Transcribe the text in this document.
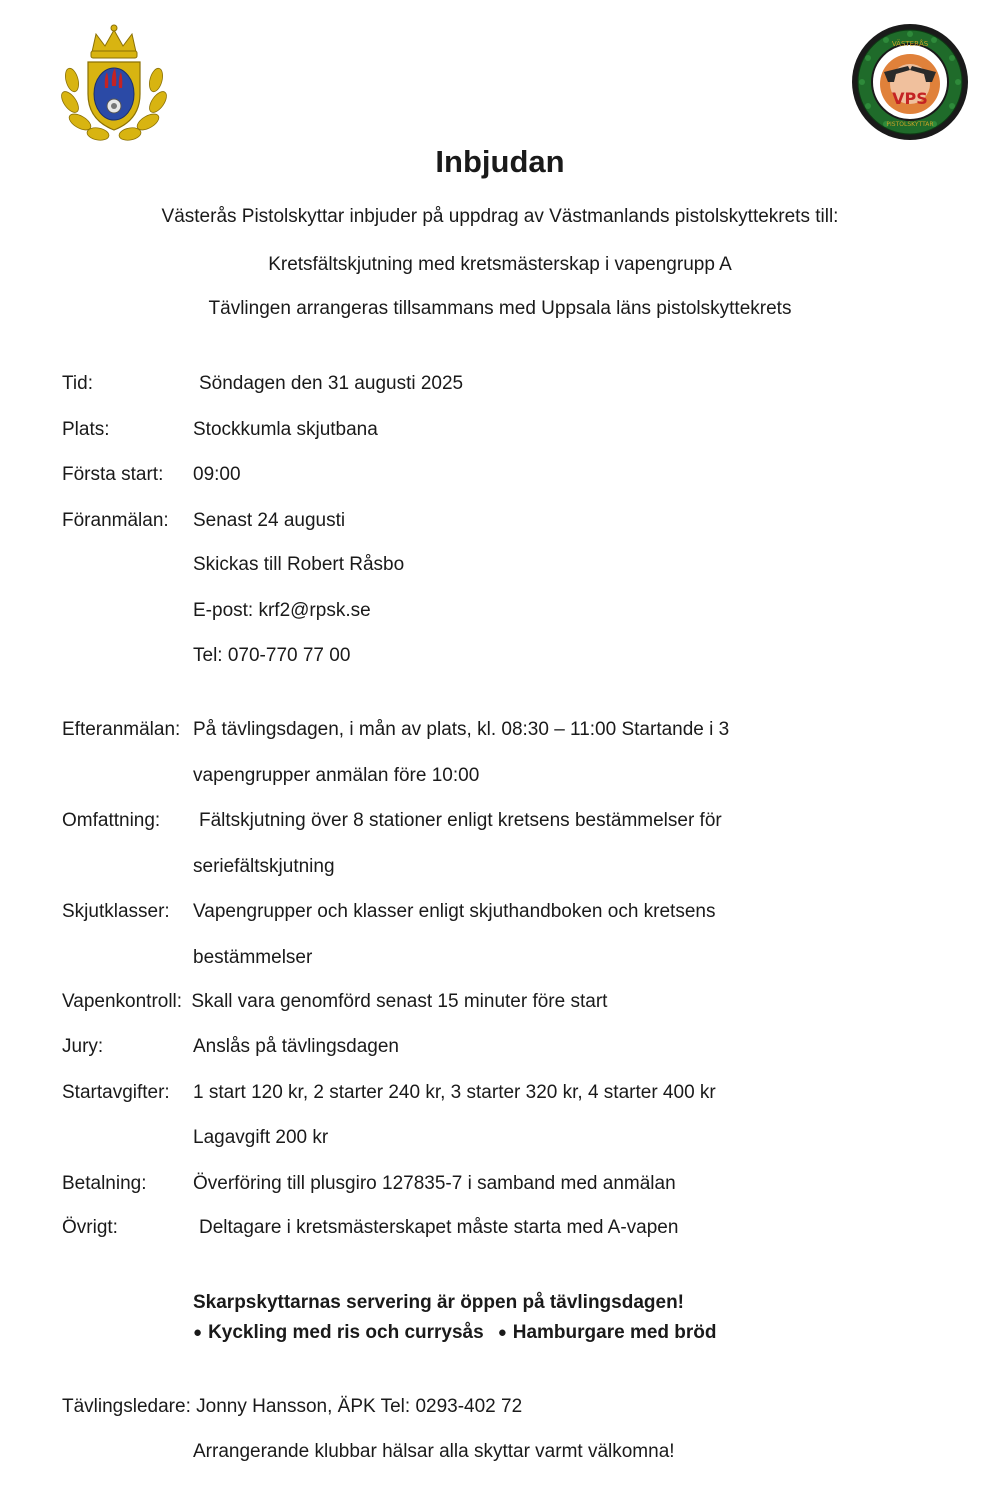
VPS
VÄSTERÅS
PISTOLSKYTTAR
Inbjudan
Västerås Pistolskyttar inbjuder på uppdrag av Västmanlands pistolskyttekrets till:
Kretsfältskjutning med kretsmästerskap i vapengrupp A
Tävlingen arrangeras tillsammans med Uppsala läns pistolskyttekrets
Tid:	Söndagen den 31 augusti 2025
Plats:	Stockkumla skjutbana
Första start: 09:00
Föranmälan: Senast 24 augusti
Skickas till Robert Råsbo
E-post: krf2@rpsk.se
Tel: 070-770 77 00
Efteranmälan: På tävlingsdagen, i mån av plats, kl. 08:30 – 11:00 Startande i 3
vapengrupper anmälan före 10:00
Omfattning: Fältskjutning över 8 stationer enligt kretsens bestämmelser för
seriefältskjutning
Skjutklasser: Vapengrupper och klasser enligt skjuthandboken och kretsens
bestämmelser
Vapenkontroll: Skall vara genomförd senast 15 minuter före start
Jury:	Anslås på tävlingsdagen
Startavgifter: 1 start 120 kr, 2 starter 240 kr, 3 starter 320 kr, 4 starter 400 kr
Lagavgift 200 kr
Betalning: Överföring till plusgiro 127835-7 i samband med anmälan
Övrigt:	Deltagare i kretsmästerskapet måste starta med A-vapen
Skarpskyttarnas servering är öppen på tävlingsdagen!
● Kyckling med ris och currysås ● Hamburgare med bröd
Tävlingsledare: Jonny Hansson, ÄPK Tel: 0293-402 72
Arrangerande klubbar hälsar alla skyttar varmt välkomna!
